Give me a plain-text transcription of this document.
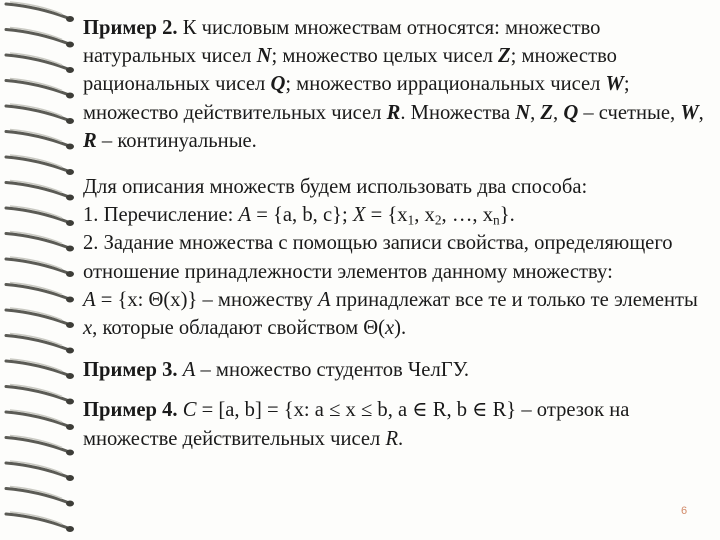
Пример 2. К числовым множествам относятся: множество натуральных чисел N; множество целых чисел Z; множество рациональных чисел Q; множество иррациональных чисел W; множество действительных чисел R. Множества N, Z, Q – счетные, W, R – континуальные.

Для описания множеств будем использовать два способа:
1. Перечисление: A = {a, b, c}; $X = \{x_1$, $x_2$, …, $x_n$}.
2. Задание множества с помощью записи свойства, определяющего отношение принадлежности элементов данному множеству:
A = {x: Θ(x)} – множеству A принадлежат все те и только те элементы x, которые обладают свойством Θ(x).

Пример 3. A – множество студентов ЧелГУ.

Пример 4. C = [a, b] = {x: a ≤ x ≤ b, a ∈ R, b ∈ R} – отрезок на множестве действительных чисел R.

6
